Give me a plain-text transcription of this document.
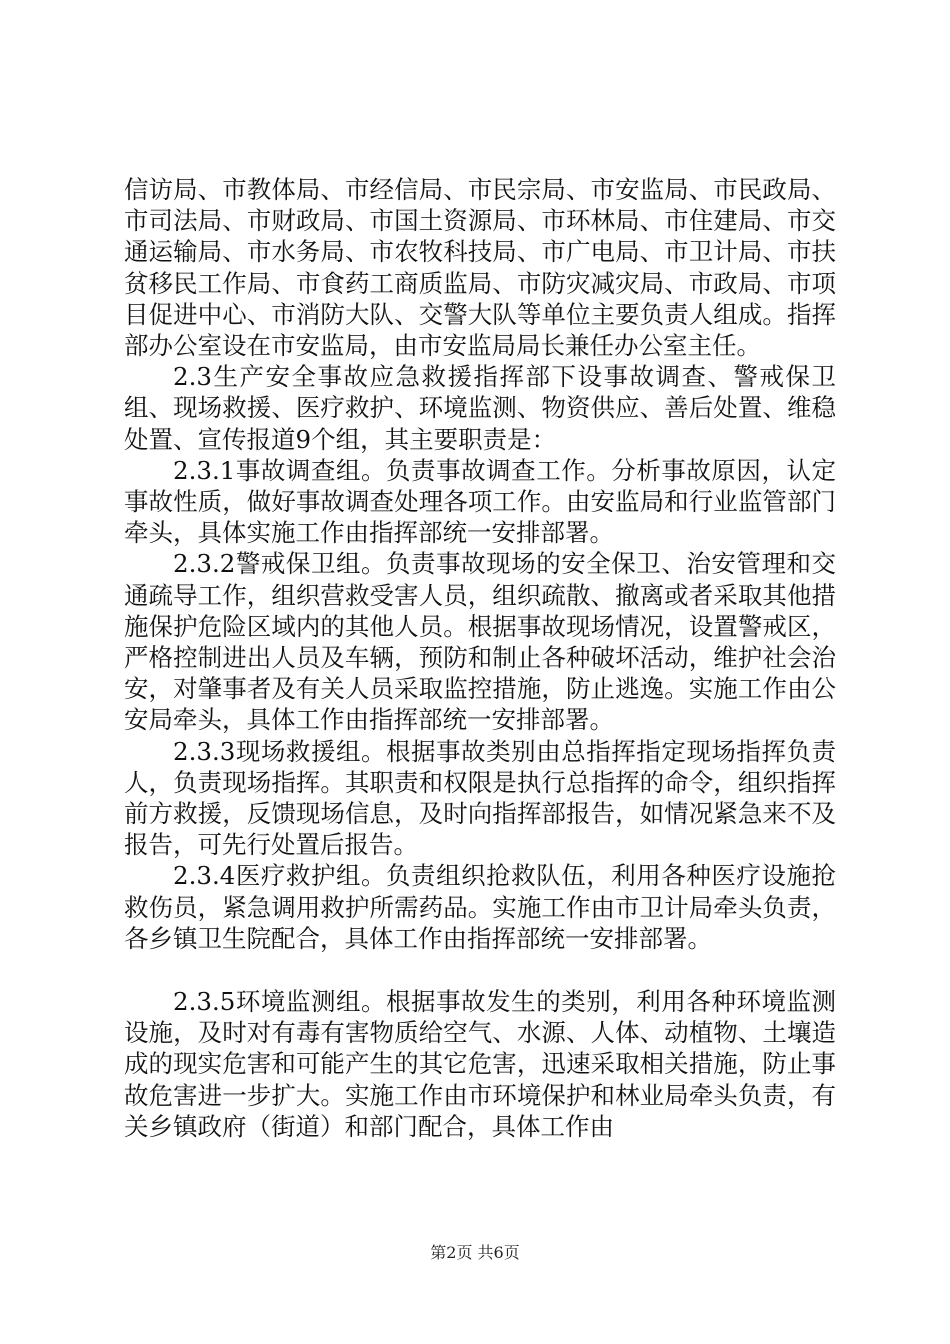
信访局、市教体局、市经信局、市民宗局、市安监局、市民政局、市司法局、市财政局、市国土资源局、市环林局、市住建局、市交通运输局、市水务局、市农牧科技局、市广电局、市卫计局、市扶贫移民工作局、市食药工商质监局、市防灾减灾局、市政局、市项目促进中心、市消防大队、交警大队等单位主要负责人组成。指挥部办公室设在市安监局，由市安监局局长兼任办公室主任。

2.3生产安全事故应急救援指挥部下设事故调查、警戒保卫组、现场救援、医疗救护、环境监测、物资供应、善后处置、维稳处置、宣传报道9个组，其主要职责是：

2.3.1事故调查组。负责事故调查工作。分析事故原因，认定事故性质，做好事故调查处理各项工作。由安监局和行业监管部门牵头，具体实施工作由指挥部统一安排部署。

2.3.2警戒保卫组。负责事故现场的安全保卫、治安管理和交通疏导工作，组织营救受害人员，组织疏散、撤离或者采取其他措施保护危险区域内的其他人员。根据事故现场情况，设置警戒区，严格控制进出人员及车辆，预防和制止各种破坏活动，维护社会治安，对肇事者及有关人员采取监控措施，防止逃逸。实施工作由公安局牵头，具体工作由指挥部统一安排部署。

2.3.3现场救援组。根据事故类别由总指挥指定现场指挥负责人，负责现场指挥。其职责和权限是执行总指挥的命令，组织指挥前方救援，反馈现场信息，及时向指挥部报告，如情况紧急来不及报告，可先行处置后报告。

2.3.4医疗救护组。负责组织抢救队伍，利用各种医疗设施抢救伤员，紧急调用救护所需药品。实施工作由市卫计局牵头负责，各乡镇卫生院配合，具体工作由指挥部统一安排部署。

2.3.5环境监测组。根据事故发生的类别，利用各种环境监测设施，及时对有毒有害物质给空气、水源、人体、动植物、土壤造成的现实危害和可能产生的其它危害，迅速采取相关措施，防止事故危害进一步扩大。实施工作由市环境保护和林业局牵头负责，有关乡镇政府（街道）和部门配合，具体工作由

第2页 共6页
